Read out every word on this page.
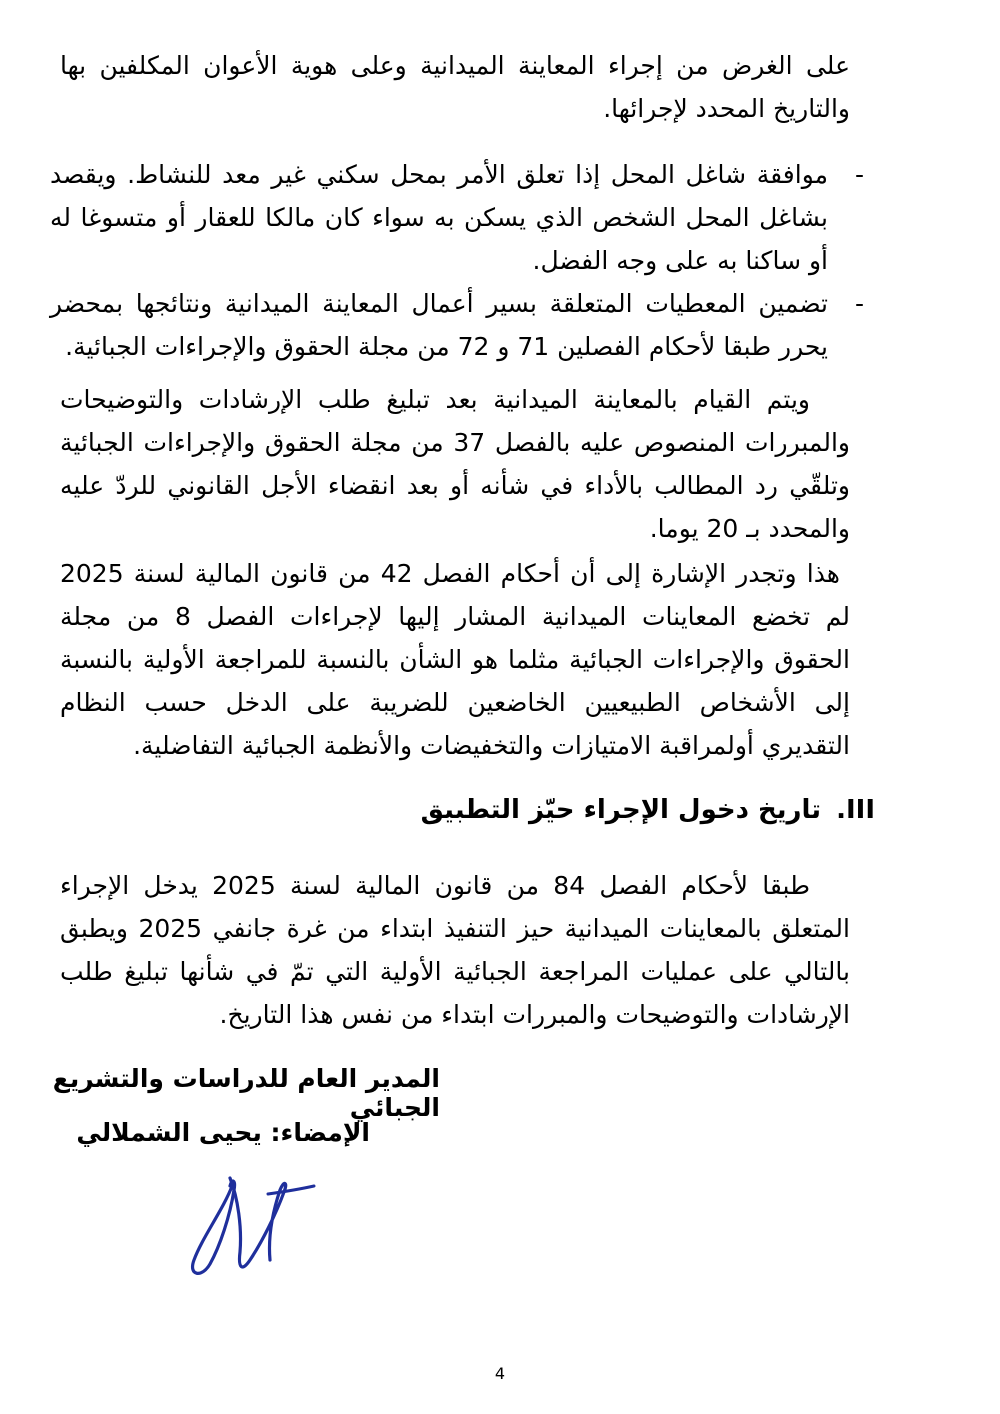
على الغرض من إجراء المعاينة الميدانية وعلى هوية الأعوان المكلفين بها والتاريخ المحدد لإجرائها.

-
موافقة شاغل المحل إذا تعلق الأمر بمحل سكني غير معد للنشاط. ويقصد بشاغل المحل الشخص الذي يسكن به سواء كان مالكا للعقار أو متسوغا له أو ساكنا به على وجه الفضل.
-
تضمين المعطيات المتعلقة بسير أعمال المعاينة الميدانية ونتائجها بمحضر يحرر طبقا لأحكام الفصلين 71 و 72 من مجلة الحقوق والإجراءات الجبائية.

ويتم القيام بالمعاينة الميدانية بعد تبليغ طلب الإرشادات والتوضيحات والمبررات المنصوص عليه بالفصل 37 من مجلة الحقوق والإجراءات الجبائية وتلقّي رد المطالب بالأداء في شأنه أو بعد انقضاء الأجل القانوني للردّ عليه والمحدد بـ 20 يوما.

هذا وتجدر الإشارة إلى أن أحكام الفصل 42 من قانون المالية لسنة 2025 لم تخضع المعاينات الميدانية المشار إليها لإجراءات الفصل 8 من مجلة الحقوق والإجراءات الجبائية مثلما هو الشأن بالنسبة للمراجعة الأولية بالنسبة إلى الأشخاص الطبيعيين الخاضعين للضريبة على الدخل حسب النظام التقديري أولمراقبة الامتيازات والتخفيضات والأنظمة الجبائية التفاضلية.

III. تاريخ دخول الإجراء حيّز التطبيق

طبقا لأحكام الفصل 84 من قانون المالية لسنة 2025 يدخل الإجراء المتعلق بالمعاينات الميدانية حيز التنفيذ ابتداء من غرة جانفي 2025 ويطبق بالتالي على عمليات المراجعة الجبائية الأولية التي تمّ في شأنها تبليغ طلب الإرشادات والتوضيحات والمبررات ابتداء من نفس هذا التاريخ.

المدير العام للدراسات والتشريع الجبائي
الإمضاء: يحيى الشملالي
4
